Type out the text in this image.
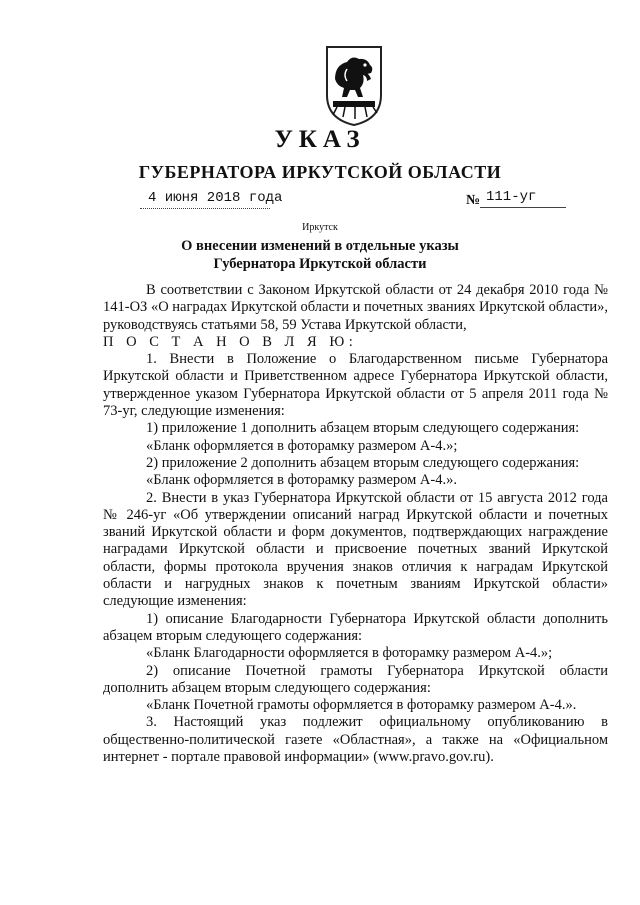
УКАЗ
ГУБЕРНАТОРА ИРКУТСКОЙ ОБЛАСТИ
4 июня 2018 года	№ 111-уг
Иркутск
О внесении изменений в отдельные указы
Губернатора Иркутской области

В соответствии с Законом Иркутской области от 24 декабря 2010 года № 141-ОЗ «О наградах Иркутской области и почетных званиях Иркутской области», руководствуясь статьями 58, 59 Устава Иркутской области,

П О С Т А Н О В Л Я Ю:

1. Внести в Положение о Благодарственном письме Губернатора Иркутской области и Приветственном адресе Губернатора Иркутской области, утвержденное указом Губернатора Иркутской области от 5 апреля 2011 года № 73-уг, следующие изменения:

1) приложение 1 дополнить абзацем вторым следующего содержания:

«Бланк оформляется в фоторамку размером А-4.»;

2) приложение 2 дополнить абзацем вторым следующего содержания:

«Бланк оформляется в фоторамку размером А-4.».

2. Внести в указ Губернатора Иркутской области от 15 августа 2012 года № 246-уг «Об утверждении описаний наград Иркутской области и почетных званий Иркутской области и форм документов, подтверждающих награждение наградами Иркутской области и присвоение почетных званий Иркутской области, формы протокола вручения знаков отличия к наградам Иркутской области и нагрудных знаков к почетным званиям Иркутской области» следующие изменения:

1) описание Благодарности Губернатора Иркутской области дополнить абзацем вторым следующего содержания:

«Бланк Благодарности оформляется в фоторамку размером А-4.»;

2) описание Почетной грамоты Губернатора Иркутской области дополнить абзацем вторым следующего содержания:

«Бланк Почетной грамоты оформляется в фоторамку размером А-4.».

3. Настоящий указ подлежит официальному опубликованию в общественно-политической газете «Областная», а также на «Официальном интернет - портале правовой информации» (www.pravo.gov.ru).
